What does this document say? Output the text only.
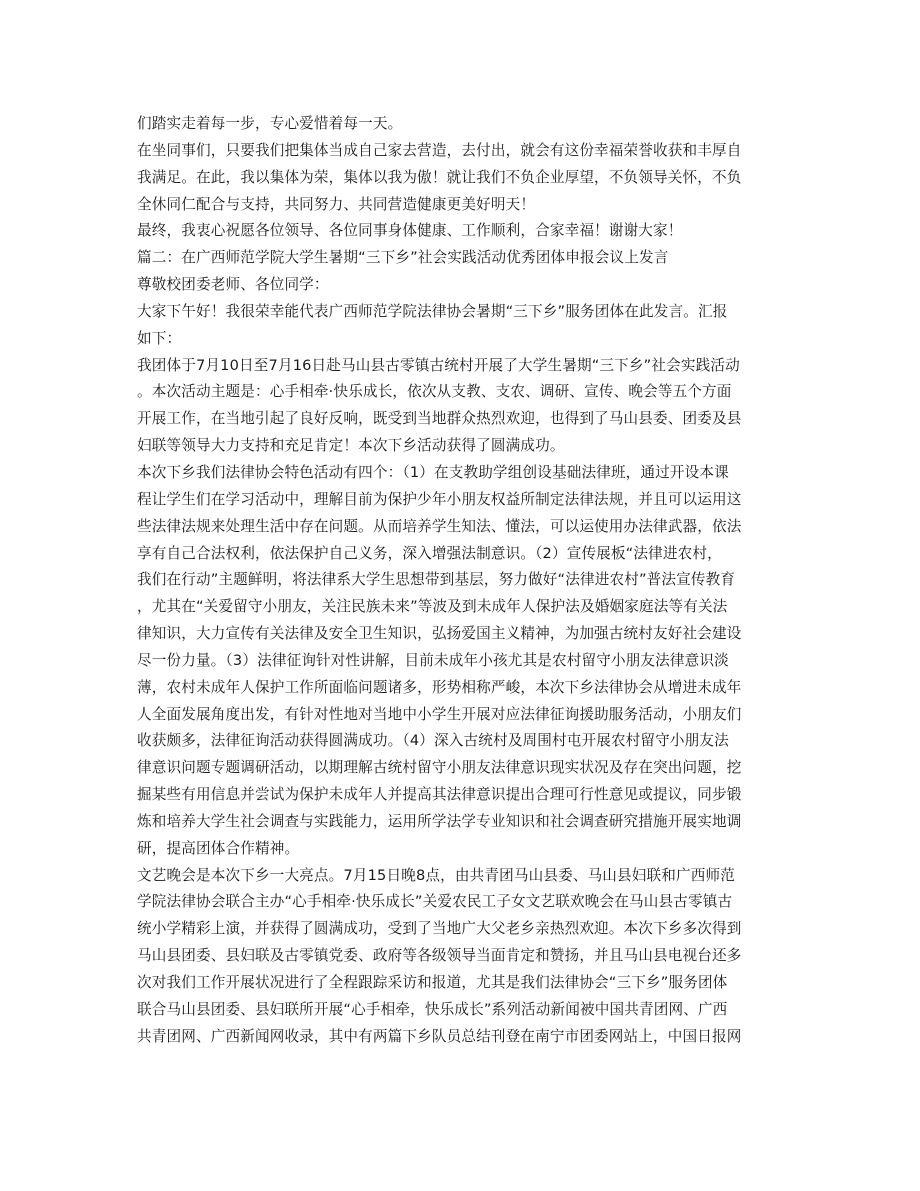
们踏实走着每一步，专心爱惜着每一天。
在坐同事们，只要我们把集体当成自己家去营造，去付出，就会有这份幸福荣誉收获和丰厚自
我满足。在此，我以集体为荣，集体以我为傲！就让我们不负企业厚望，不负领导关怀，不负
全休同仁配合与支持，共同努力、共同营造健康更美好明天！
最终，我衷心祝愿各位领导、各位同事身体健康、工作顺利，合家幸福！谢谢大家！
篇二：在广西师范学院大学生暑期“三下乡”社会实践活动优秀团体申报会议上发言
尊敬校团委老师、各位同学：
大家下午好！我很荣幸能代表广西师范学院法律协会暑期“三下乡”服务团体在此发言。汇报
如下：
我团体于7月10日至7月16日赴马山县古零镇古统村开展了大学生暑期“三下乡”社会实践活动
。本次活动主题是：心手相牵·快乐成长，依次从支教、支农、调研、宣传、晚会等五个方面
开展工作，在当地引起了良好反响，既受到当地群众热烈欢迎，也得到了马山县委、团委及县
妇联等领导大力支持和充足肯定！本次下乡活动获得了圆满成功。
本次下乡我们法律协会特色活动有四个：（1）在支教助学组创设基础法律班，通过开设本课
程让学生们在学习活动中，理解目前为保护少年小朋友权益所制定法律法规，并且可以运用这
些法律法规来处理生活中存在问题。从而培养学生知法、懂法，可以运使用办法律武器，依法
享有自己合法权利，依法保护自己义务，深入增强法制意识。（2）宣传展板“法律进农村，
我们在行动”主题鲜明，将法律系大学生思想带到基层，努力做好“法律进农村”普法宣传教育
，尤其在“关爱留守小朋友，关注民族未来”等波及到未成年人保护法及婚姻家庭法等有关法
律知识，大力宣传有关法律及安全卫生知识，弘扬爱国主义精神，为加强古统村友好社会建设
尽一份力量。（3）法律征询针对性讲解，目前未成年小孩尤其是农村留守小朋友法律意识淡
薄，农村未成年人保护工作所面临问题诸多，形势相称严峻，本次下乡法律协会从增进未成年
人全面发展角度出发，有针对性地对当地中小学生开展对应法律征询援助服务活动，小朋友们
收获颇多，法律征询活动获得圆满成功。（4）深入古统村及周围村屯开展农村留守小朋友法
律意识问题专题调研活动，以期理解古统村留守小朋友法律意识现实状况及存在突出问题，挖
掘某些有用信息并尝试为保护未成年人并提高其法律意识提出合理可行性意见或提议，同步锻
炼和培养大学生社会调查与实践能力，运用所学法学专业知识和社会调查研究措施开展实地调
研，提高团体合作精神。
文艺晚会是本次下乡一大亮点。7月15日晚8点，由共青团马山县委、马山县妇联和广西师范
学院法律协会联合主办“心手相牵·快乐成长”关爱农民工子女文艺联欢晚会在马山县古零镇古
统小学精彩上演，并获得了圆满成功，受到了当地广大父老乡亲热烈欢迎。本次下乡多次得到
马山县团委、县妇联及古零镇党委、政府等各级领导当面肯定和赞扬，并且马山县电视台还多
次对我们工作开展状况进行了全程跟踪采访和报道，尤其是我们法律协会“三下乡”服务团体
联合马山县团委、县妇联所开展“心手相牵，快乐成长”系列活动新闻被中国共青团网、广西
共青团网、广西新闻网收录，其中有两篇下乡队员总结刊登在南宁市团委网站上，中国日报网
